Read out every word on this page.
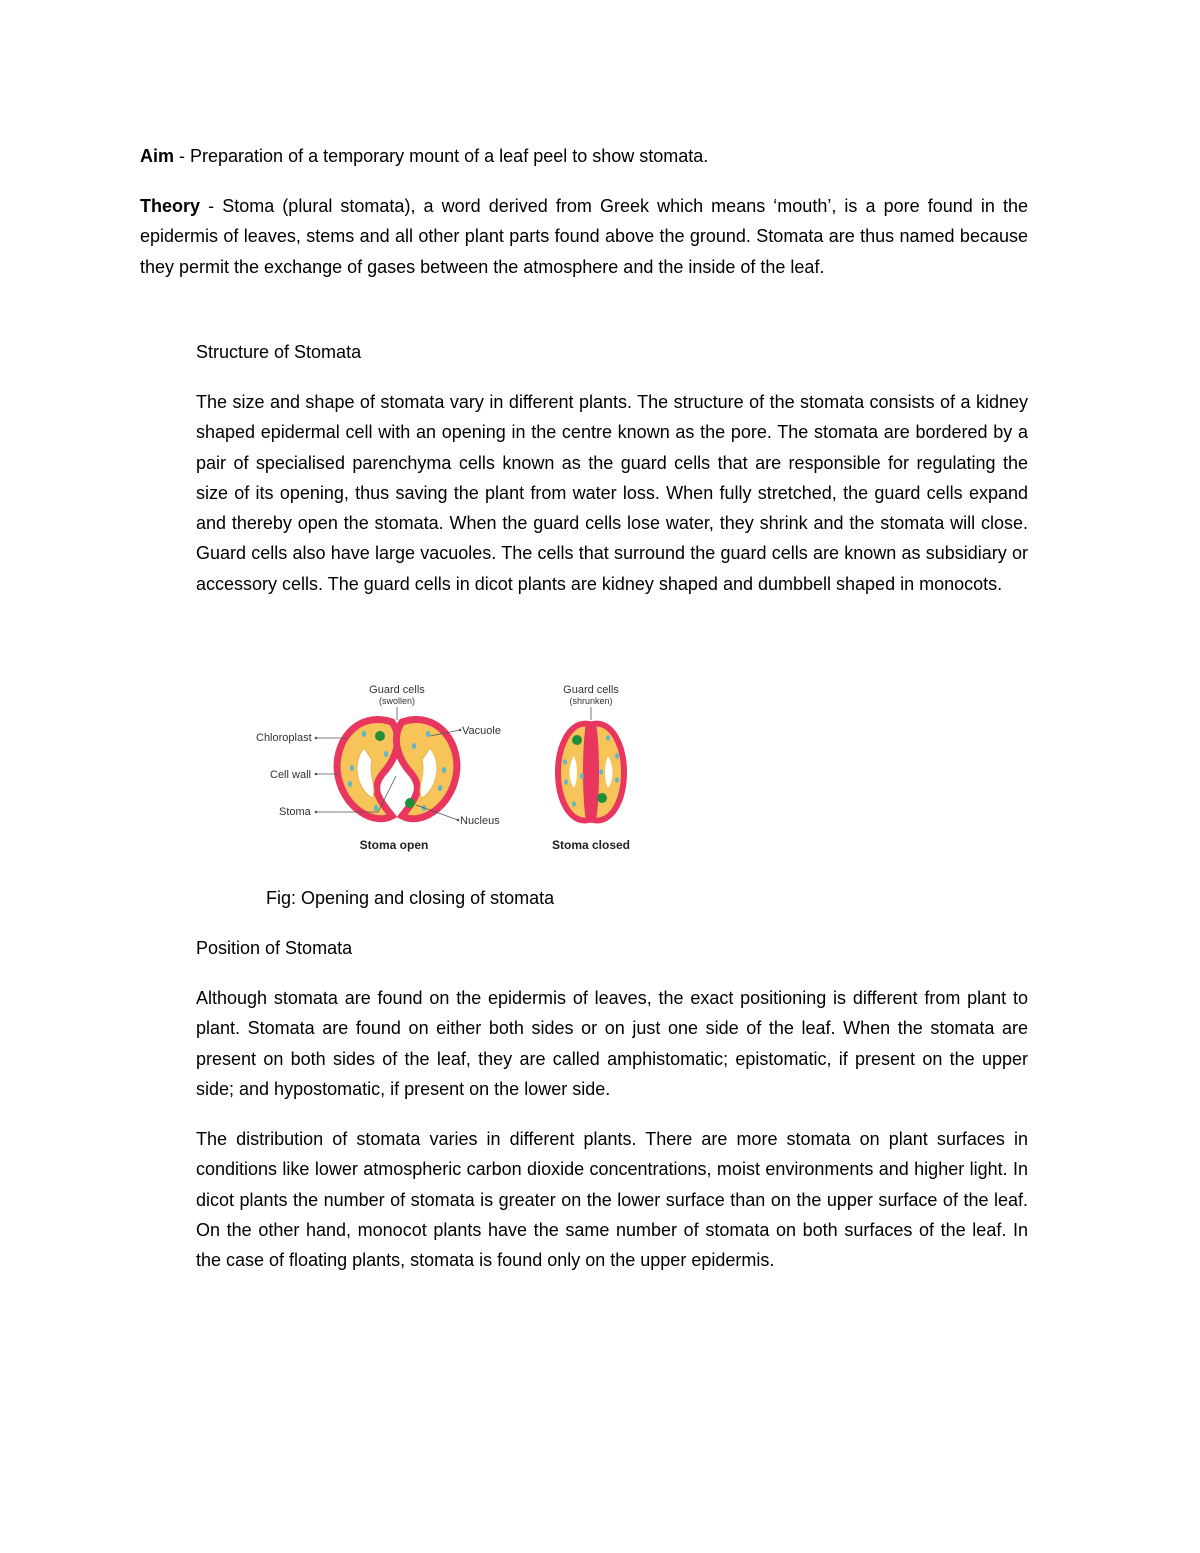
Aim - Preparation of a temporary mount of a leaf peel to show stomata.

Theory - Stoma (plural stomata), a word derived from Greek which means ‘mouth’, is a pore found in the epidermis of leaves, stems and all other plant parts found above the ground. Stomata are thus named because they permit the exchange of gases between the atmosphere and the inside of the leaf.

Structure of Stomata

The size and shape of stomata vary in different plants. The structure of the stomata consists of a kidney shaped epidermal cell with an opening in the centre known as the pore. The stomata are bordered by a pair of specialised parenchyma cells known as the guard cells that are responsible for regulating the size of its opening, thus saving the plant from water loss. When fully stretched, the guard cells expand and thereby open the stomata. When the guard cells lose water, they shrink and the stomata will close. Guard cells also have large vacuoles. The cells that surround the guard cells are known as subsidiary or accessory cells. The guard cells in dicot plants are kidney shaped and dumbbell shaped in monocots.

Guard cells
(swollen)
Chloroplast
Cell wall
Stoma
Vacuole
Nucleus
Stoma open
Guard cells
(shrunken)
Stoma closed

Fig: Opening and closing of stomata

Position of Stomata

Although stomata are found on the epidermis of leaves, the exact positioning is different from plant to plant. Stomata are found on either both sides or on just one side of the leaf. When the stomata are present on both sides of the leaf, they are called amphistomatic; epistomatic, if present on the upper side; and hypostomatic, if present on the lower side.

The distribution of stomata varies in different plants. There are more stomata on plant surfaces in conditions like lower atmospheric carbon dioxide concentrations, moist environments and higher light. In dicot plants the number of stomata is greater on the lower surface than on the upper surface of the leaf. On the other hand, monocot plants have the same number of stomata on both surfaces of the leaf. In the case of floating plants, stomata is found only on the upper epidermis.
